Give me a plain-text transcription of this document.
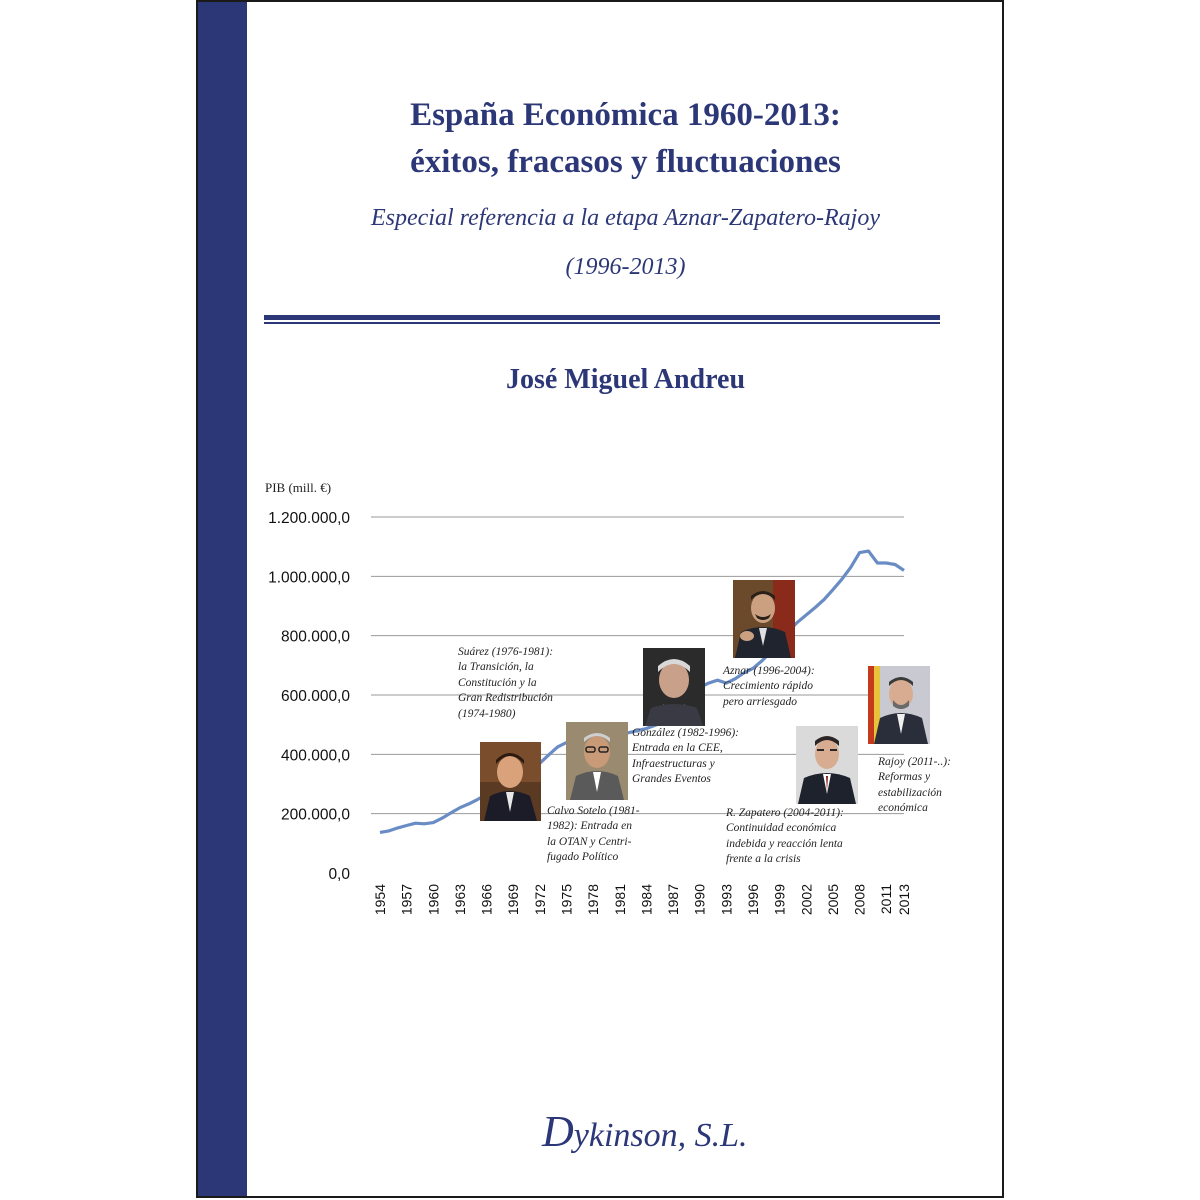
España Económica 1960-2013:
éxitos, fracasos y fluctuaciones
Especial referencia a la etapa Aznar-Zapatero-Rajoy
(1996-2013)
José Miguel Andreu
PIB (mill. €)
0,0
200.000,0
400.000,0
600.000,0
800.000,0
1.000.000,0
1.200.000,0
1954 1957 1960 1963 1966 1969 1972 1975 1978 1981 1984 1987 1990 1993 1996 1999 2002 2005 2008 2011 2013
Suárez (1976-1981):
la Transición, la
Constitución y la
Gran Redistribución
(1974-1980)
Calvo Sotelo (1981-
1982): Entrada en
la OTAN y Centri-
fugado Político
González (1982-1996):
Entrada en la CEE,
Infraestructuras y
Grandes Eventos
Aznar (1996-2004):
Crecimiento rápido
pero arriesgado
R. Zapatero (2004-2011):
Continuidad económica
indebida y reacción lenta
frente a la crisis
Rajoy (2011-..):
Reformas y
estabilización
económica
Dykinson, S.L.
